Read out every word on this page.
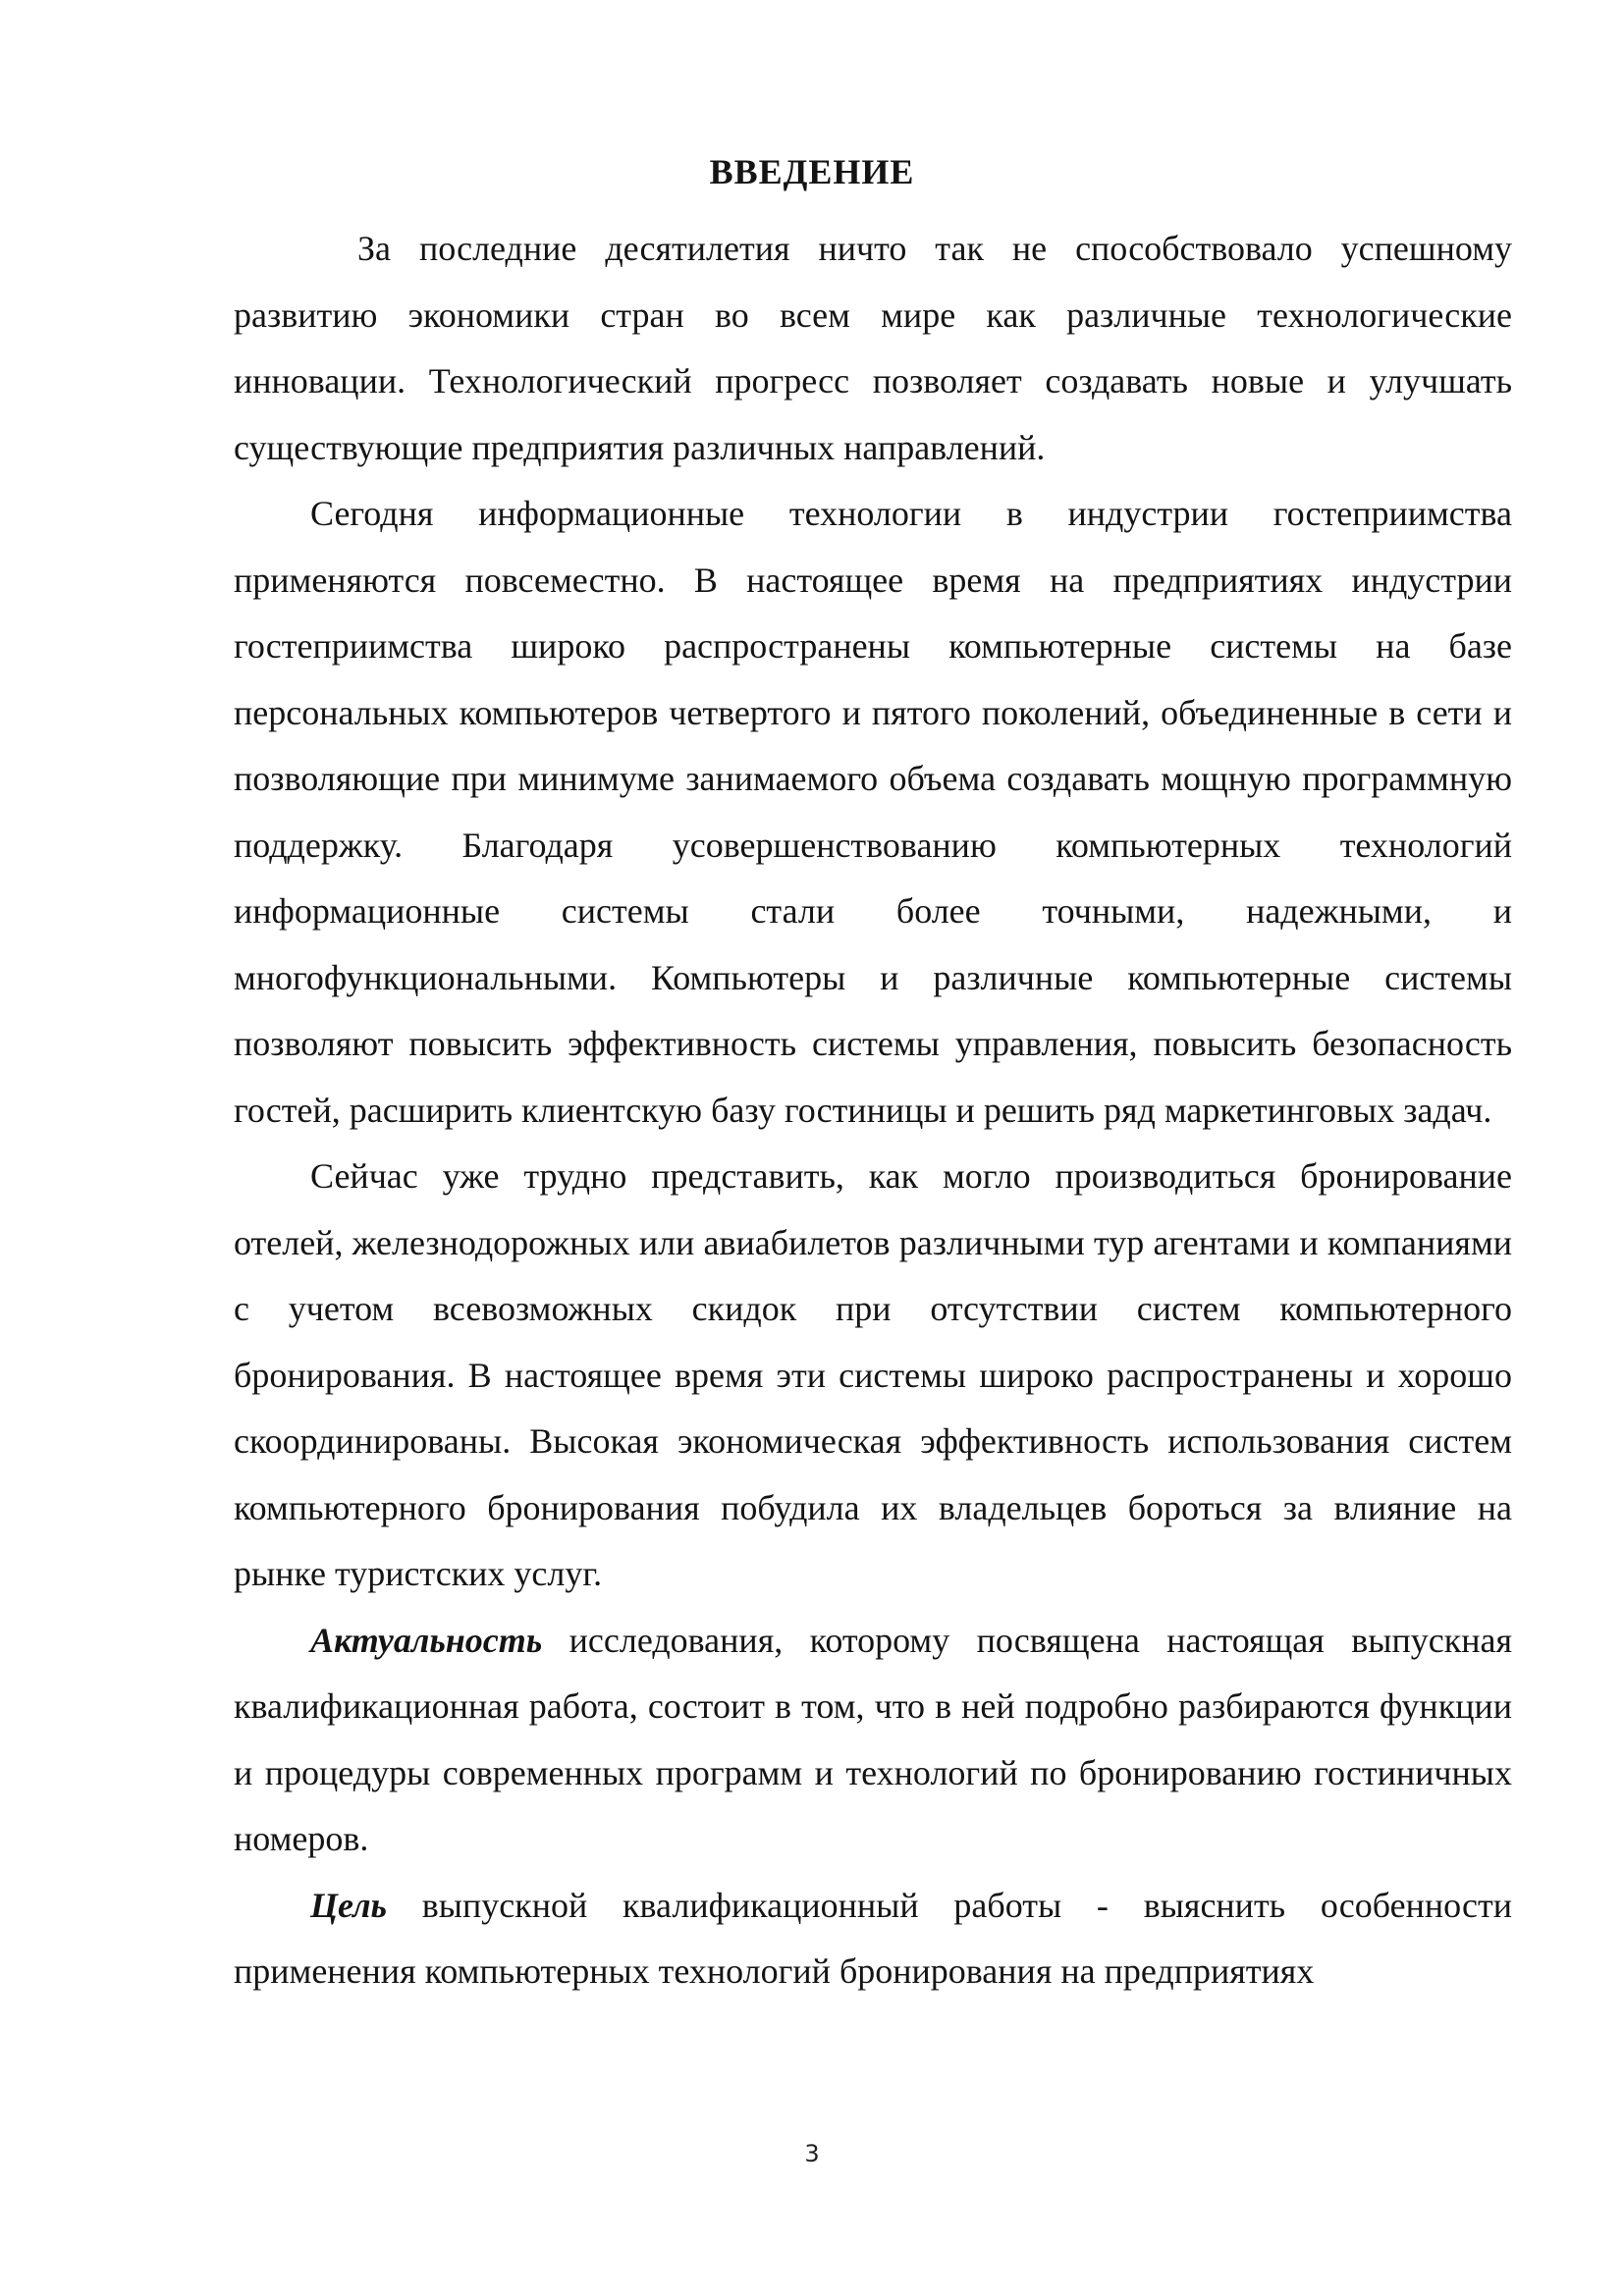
ВВЕДЕНИЕ

За последние десятилетия ничто так не способствовало успешному развитию экономики стран во всем мире как различные технологические инновации. Технологический прогресс позволяет создавать новые и улучшать существующие предприятия различных направлений.

Сегодня информационные технологии в индустрии гостеприимства применяются повсеместно. В настоящее время на предприятиях индустрии гостеприимства широко распространены компьютерные системы на базе персональных компьютеров четвертого и пятого поколений, объединенные в сети и позволяющие при минимуме занимаемого объема создавать мощную программную поддержку. Благодаря усовершенствованию компьютерных технологий информационные системы стали более точными, надежными, и многофункциональными. Компьютеры и различные компьютерные системы позволяют повысить эффективность системы управления, повысить безопасность гостей, расширить клиентскую базу гостиницы и решить ряд маркетинговых задач.

Сейчас уже трудно представить, как могло производиться бронирование отелей, железнодорожных или авиабилетов различными тур агентами и компаниями с учетом всевозможных скидок при отсутствии систем компьютерного бронирования. В настоящее время эти системы широко распространены и хорошо скоординированы. Высокая экономическая эффективность использования систем компьютерного бронирования побудила их владельцев бороться за влияние на рынке туристских услуг.

Актуальность исследования, которому посвящена настоящая выпускная квалификационная работа, состоит в том, что в ней подробно разбираются функции и процедуры современных программ и технологий по бронированию гостиничных номеров.

Цель выпускной квалификационный работы - выяснить особенности применения компьютерных технологий бронирования на предприятиях

3
